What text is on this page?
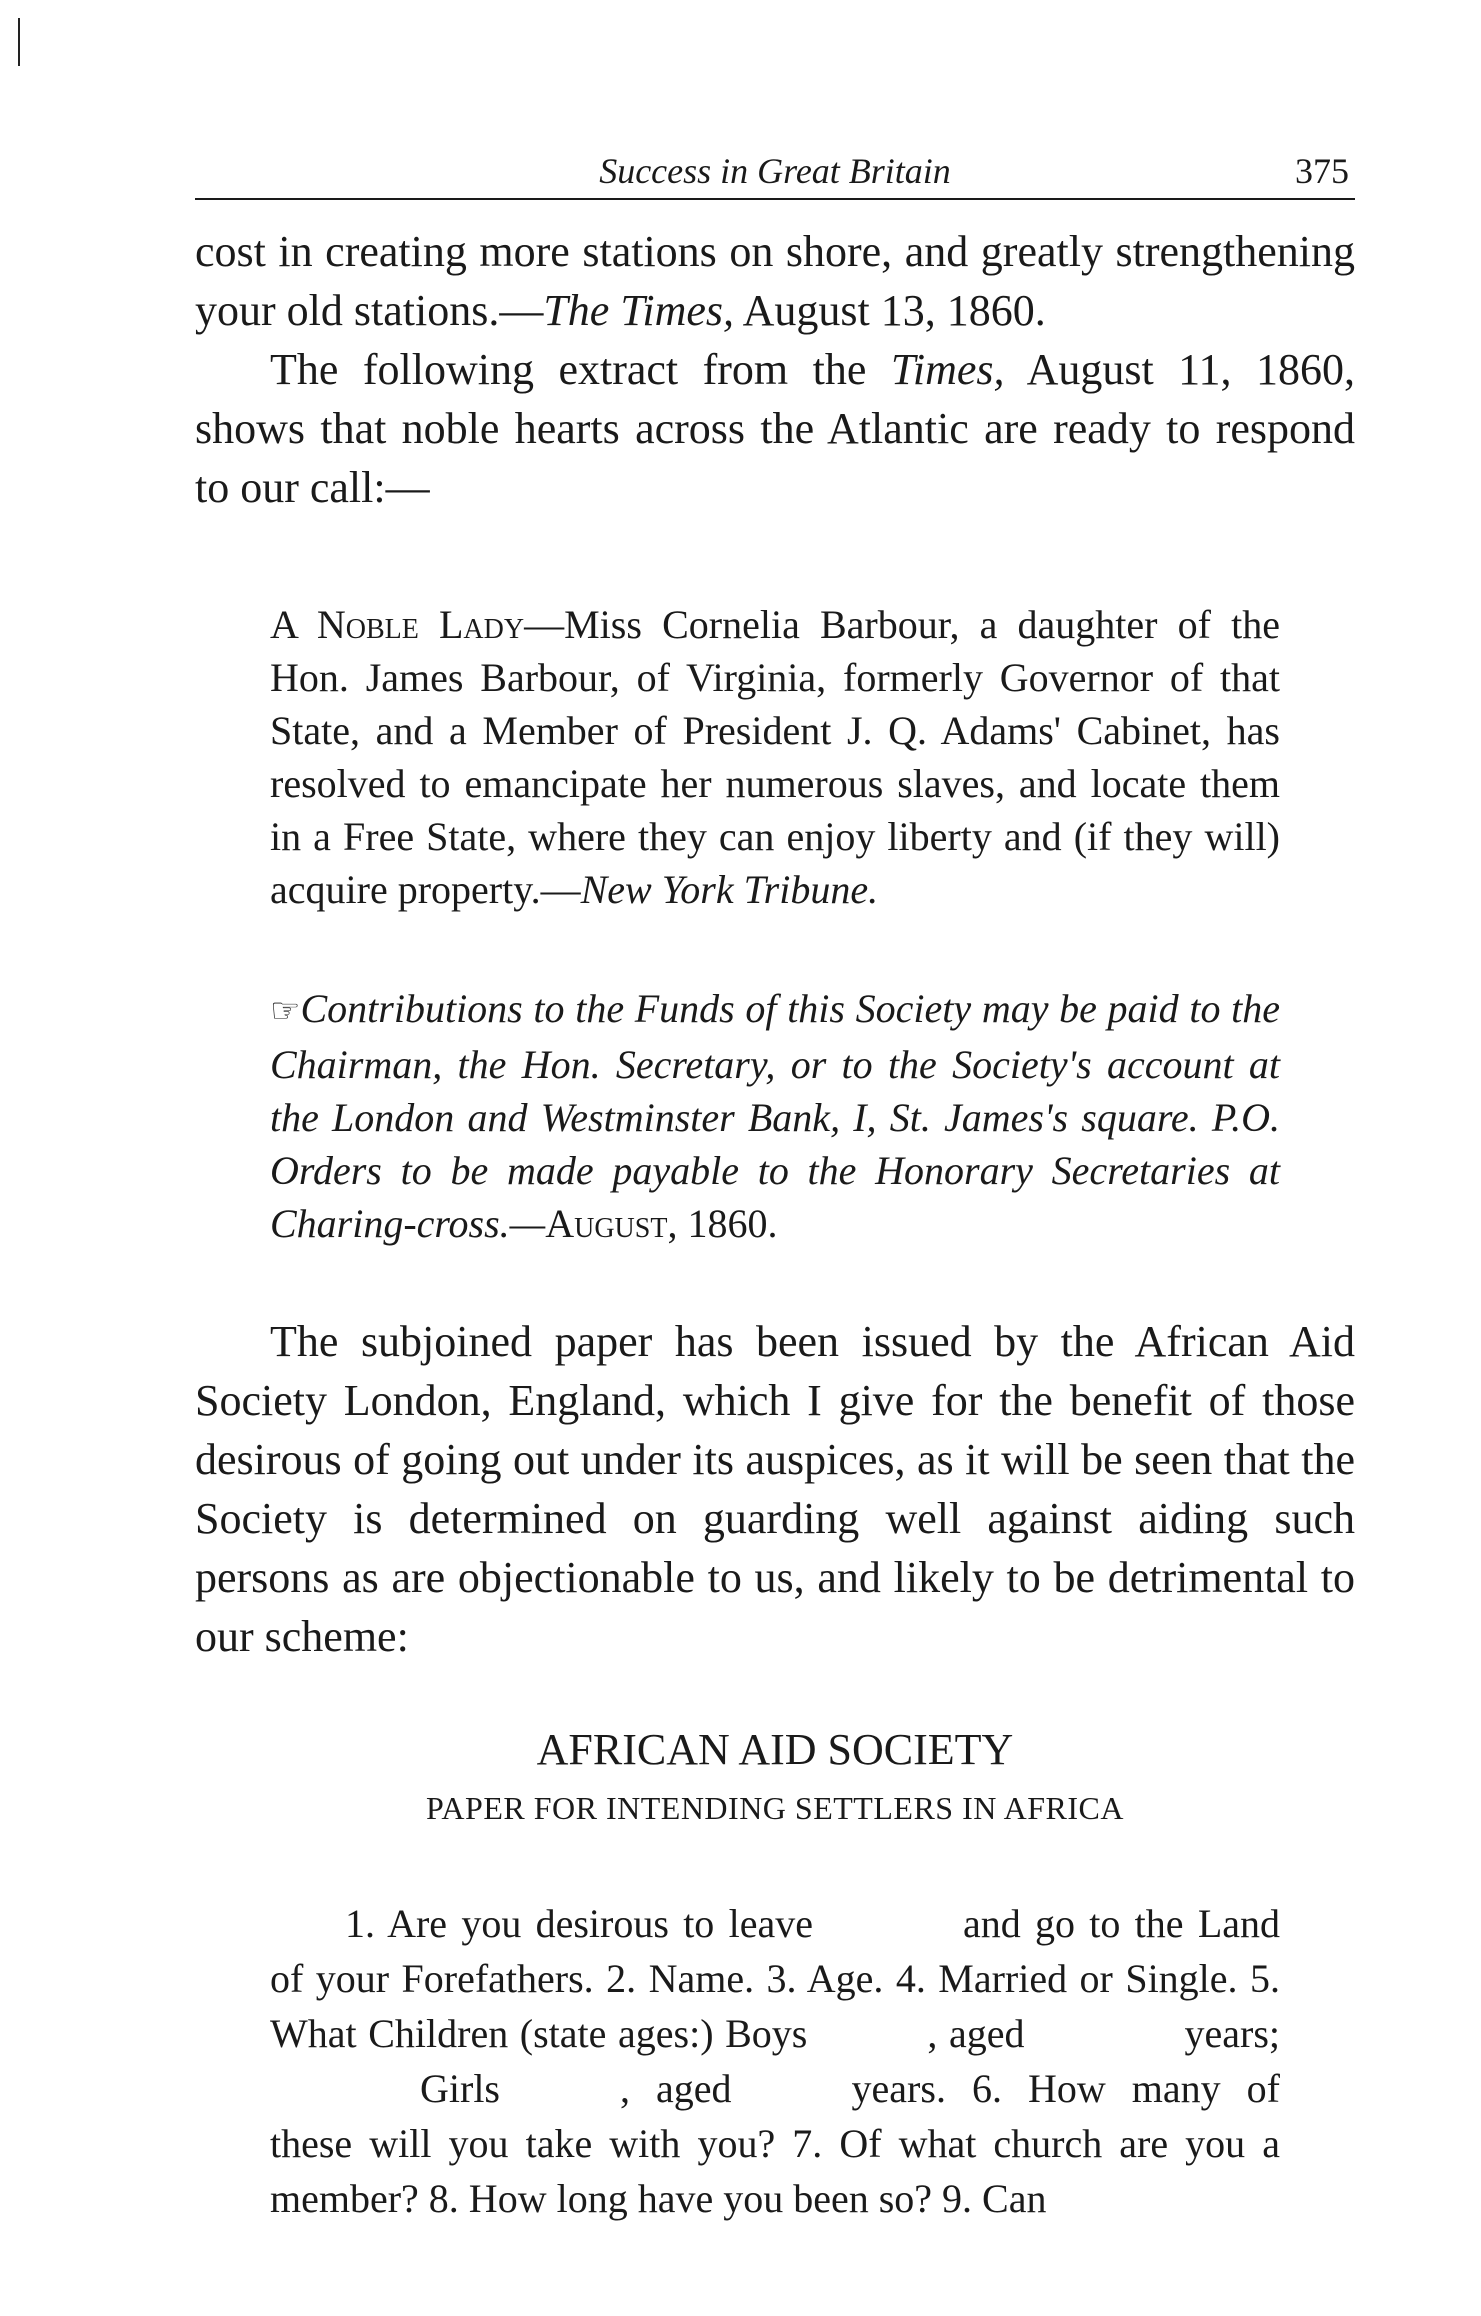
Success in Great Britain	375

cost in creating more stations on shore, and greatly strengthening your old stations.—The Times, August 13, 1860.

The following extract from the Times, August 11, 1860, shows that noble hearts across the Atlantic are ready to respond to our call:—

A Noble Lady—Miss Cornelia Barbour, a daughter of the Hon. James Barbour, of Virginia, formerly Governor of that State, and a Member of President J. Q. Adams' Cabinet, has resolved to emancipate her numerous slaves, and locate them in a Free State, where they can enjoy liberty and (if they will) acquire property.—New York Tribune.
☞Contributions to the Funds of this Society may be paid to the Chairman, the Hon. Secretary, or to the Society's account at the London and Westminster Bank, I, St. James's square. P.O. Orders to be made payable to the Honorary Secretaries at Charing-cross.—August, 1860.
The subjoined paper has been issued by the African Aid Society London, England, which I give for the benefit of those desirous of going out under its auspices, as it will be seen that the Society is determined on guarding well against aiding such persons as are objectionable to us, and likely to be detrimental to our scheme:
AFRICAN AID SOCIETY
PAPER FOR INTENDING SETTLERS IN AFRICA
1. Are you desirous to leave	and go to the Land of your Forefathers. 2. Name. 3. Age. 4. Married or Single. 5. What Children (state ages:) Boys	, aged	years;Girls	, aged	years. 6. How many of these will you take with you? 7. Of what church are you a member? 8. How long have you been so? 9. Can
